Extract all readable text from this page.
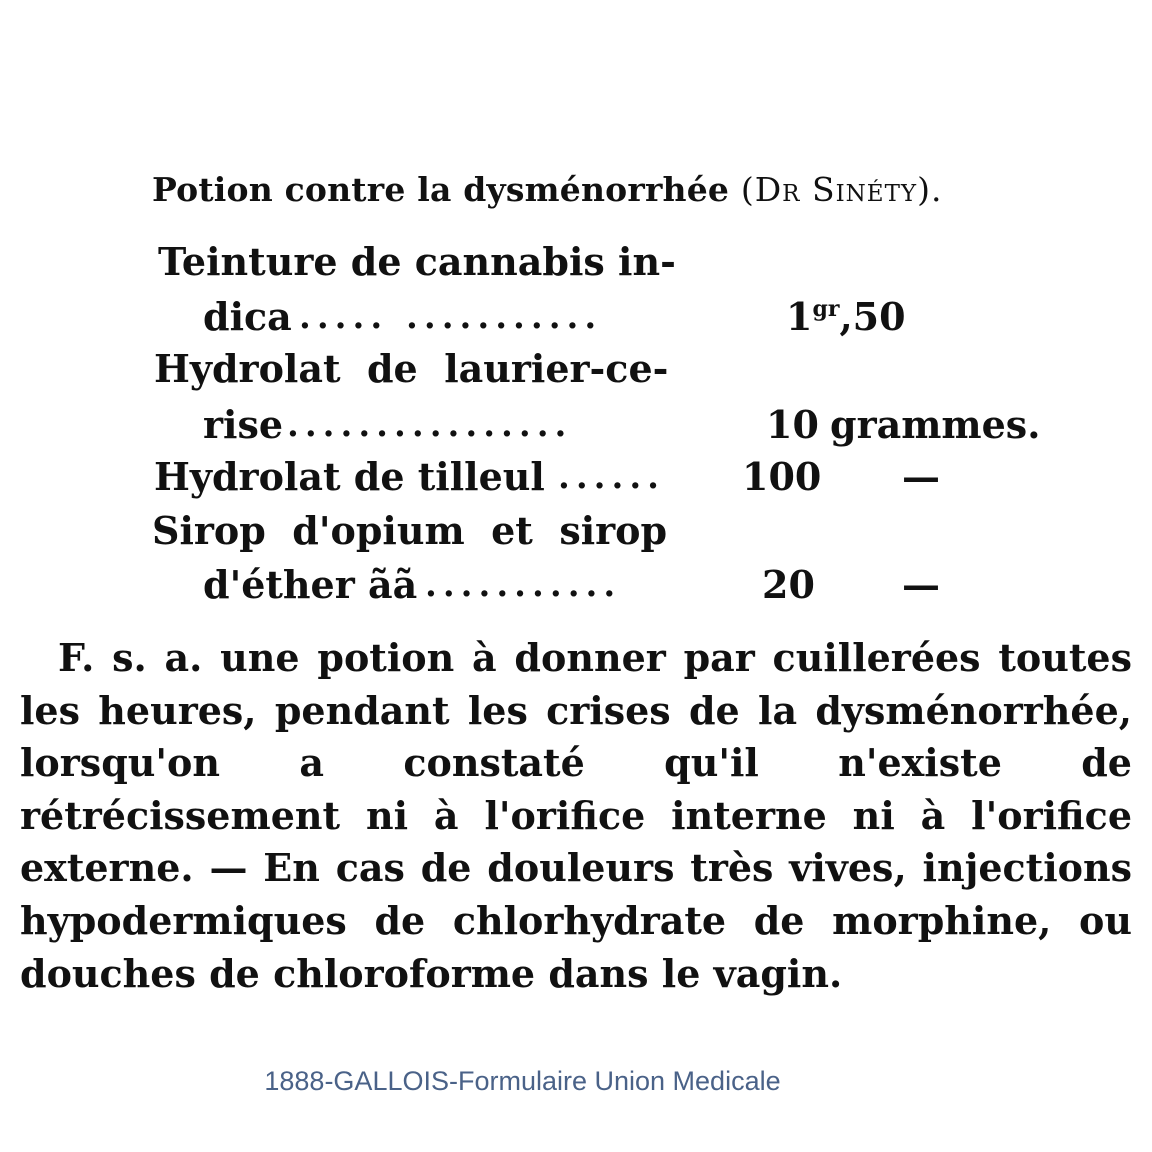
Potion contre la dysménorrhée (Dr Sinéty).
Teinture de cannabis in-
dica ..... ...........	$1^{gr},50$
Hydrolat  de  laurier-ce-
rise ................	10 grammes.
Hydrolat de tilleul ......	100 —
Sirop  d'opium  et  sirop
d'éther ãã ...........	20 —
F. s. a. une potion à donner par cuillerées toutes les heures, pendant les crises de la dysménorrhée, lorsqu'on a constaté qu'il n'existe de rétrécissement ni à l'orifice interne ni à l'orifice externe. — En cas de douleurs très vives, injections hypodermiques de chlorhydrate de morphine, ou douches de chloroforme dans le vagin.
1888-GALLOIS-Formulaire Union Medicale
